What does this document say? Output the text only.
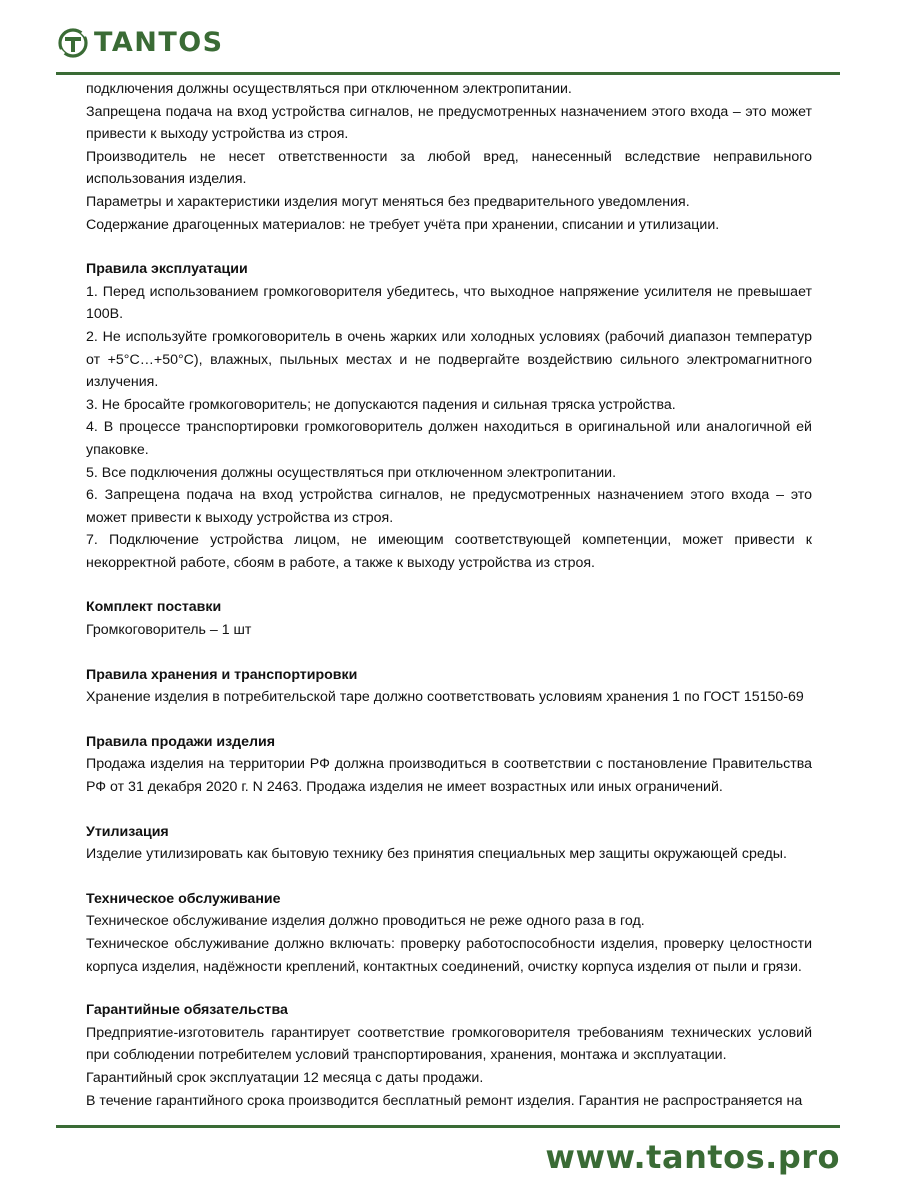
TANTOS

подключения должны осуществляться при отключенном электропитании.

Запрещена подача на вход устройства сигналов, не предусмотренных назначением этого входа – это может привести к выходу устройства из строя.

Производитель не несет ответственности за любой вред, нанесенный вследствие неправильного использования изделия.

Параметры и характеристики изделия могут меняться без предварительного уведомления.

Содержание драгоценных материалов: не требует учёта при хранении, списании и утилизации.

Правила эксплуатации

1. Перед использованием громкоговорителя убедитесь, что выходное напряжение усилителя не превышает 100В.

2. Не используйте громкоговоритель в очень жарких или холодных условиях (рабочий диапазон температур от +5°С…+50°С), влажных, пыльных местах и не подвергайте воздействию сильного электромагнитного излучения.

3. Не бросайте громкоговоритель; не допускаются падения и сильная тряска устройства.

4. В процессе транспортировки громкоговоритель должен находиться в оригинальной или аналогичной ей упаковке.

5. Все подключения должны осуществляться при отключенном электропитании.

6. Запрещена подача на вход устройства сигналов, не предусмотренных назначением этого входа – это может привести к выходу устройства из строя.

7. Подключение устройства лицом, не имеющим соответствующей компетенции, может привести к некорректной работе, сбоям в работе, а также к выходу устройства из строя.

Комплект поставки

Громкоговоритель – 1 шт

Правила хранения и транспортировки

Хранение изделия в потребительской таре должно соответствовать условиям хранения 1 по ГОСТ 15150-69

Правила продажи изделия

Продажа изделия на территории РФ должна производиться в соответствии с постановление Правительства РФ от 31 декабря 2020 г. N 2463. Продажа изделия не имеет возрастных или иных ограничений.

Утилизация

Изделие утилизировать как бытовую технику без принятия специальных мер защиты окружающей среды.

Техническое обслуживание

Техническое обслуживание изделия должно проводиться не реже одного раза в год.

Техническое обслуживание должно включать: проверку работоспособности изделия, проверку целостности корпуса изделия, надёжности креплений, контактных соединений, очистку корпуса изделия от пыли и грязи.

Гарантийные обязательства

Предприятие-изготовитель гарантирует соответствие громкоговорителя требованиям технических условий при соблюдении потребителем условий транспортирования, хранения, монтажа и эксплуатации.

Гарантийный срок эксплуатации 12 месяца с даты продажи.

В течение гарантийного срока производится бесплатный ремонт изделия. Гарантия не распространяется на

www.tantos.pro
